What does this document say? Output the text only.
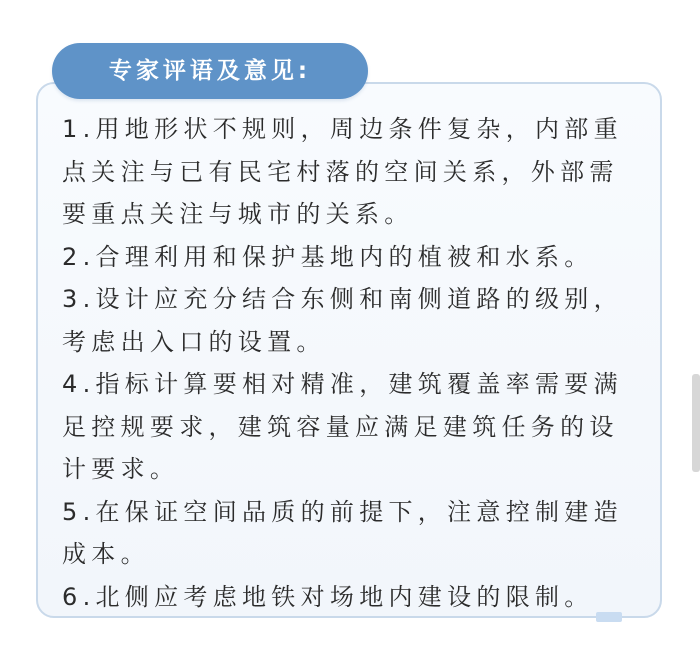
专家评语及意见:

1.用地形状不规则，周边条件复杂，内部重点关注与已有民宅村落的空间关系，外部需要重点关注与城市的关系。

2.合理利用和保护基地内的植被和水系。

3.设计应充分结合东侧和南侧道路的级别，考虑出入口的设置。

4.指标计算要相对精准，建筑覆盖率需要满足控规要求，建筑容量应满足建筑任务的设计要求。

5.在保证空间品质的前提下，注意控制建造成本。

6.北侧应考虑地铁对场地内建设的限制。
